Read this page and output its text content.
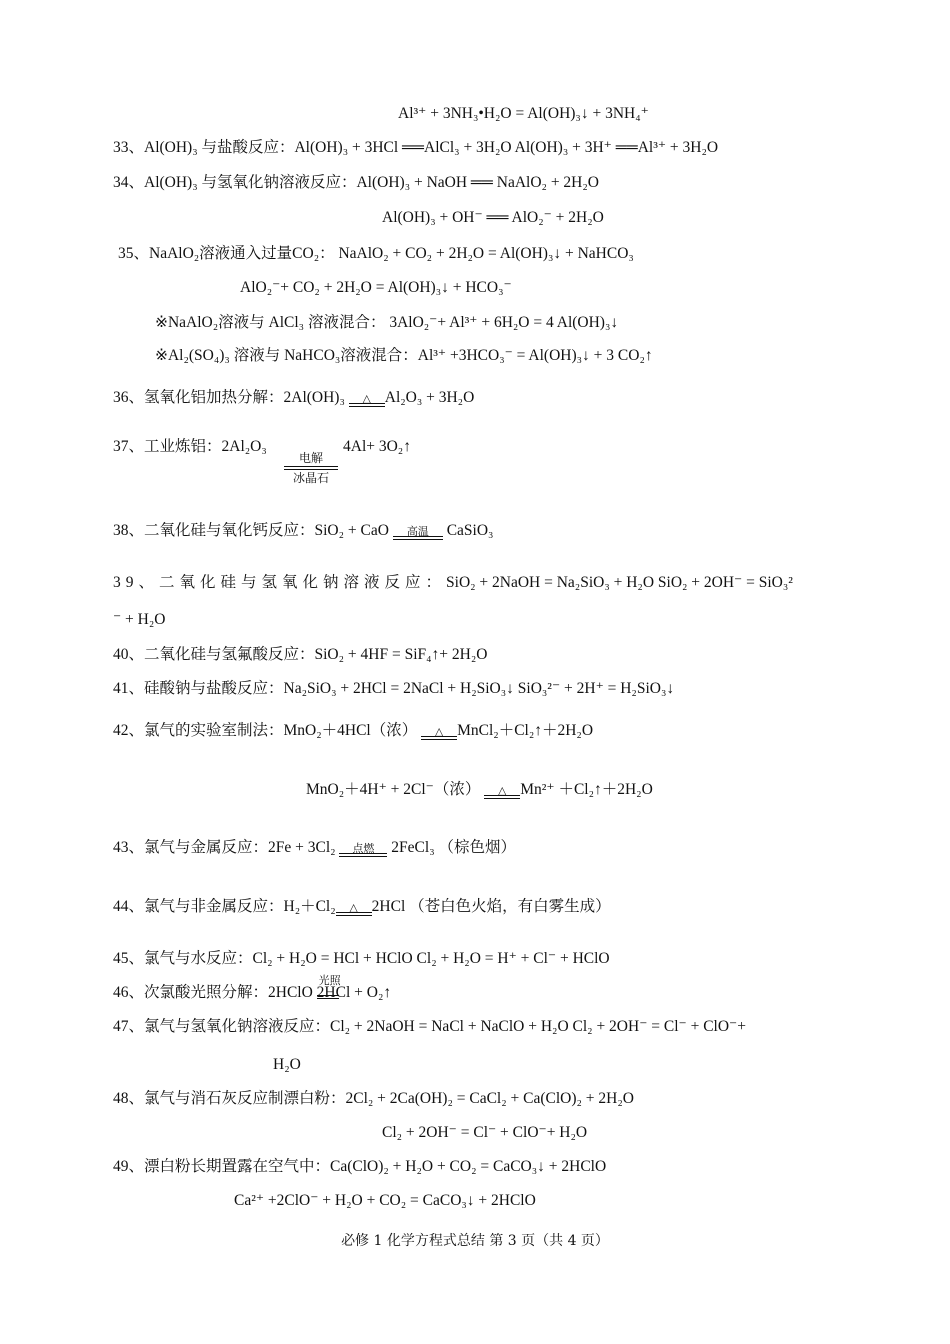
Al³⁺ + 3NH₃•H₂O = Al(OH)₃↓ + 3NH₄⁺
33、Al(OH)₃ 与盐酸反应：Al(OH)₃ + 3HCl ══AlCl₃ + 3H₂O Al(OH)₃ + 3H⁺ ══Al³⁺ + 3H₂O
34、Al(OH)₃ 与氢氧化钠溶液反应：Al(OH)₃ + NaOH ══ NaAlO₂ + 2H₂O
Al(OH)₃ + OH⁻ ══ AlO₂⁻ + 2H₂O
35、NaAlO₂溶液通入过量CO₂： NaAlO₂ + CO₂ + 2H₂O = Al(OH)₃↓ + NaHCO₃
AlO₂⁻+ CO₂ + 2H₂O = Al(OH)₃↓ + HCO₃⁻
※NaAlO₂溶液与 AlCl₃ 溶液混合： 3AlO₂⁻+ Al³⁺ + 6H₂O = 4 Al(OH)₃↓
※Al₂(SO₄)₃ 溶液与 NaHCO₃溶液混合：Al³⁺ +3HCO₃⁻ = Al(OH)₃↓ + 3 CO₂↑
36、氢氧化铝加热分解：2Al(OH)₃	△ Al₂O₃ + 3H₂O
37、工业炼铝：2Al₂O₃	4Al+ 3O₂↑
电解
冰晶石
38、二氧化硅与氧化钙反应：SiO₂ + CaO	高温	CaSiO₃
39、二氧化硅与氢氧化钠溶液反应：SiO₂ + 2NaOH = Na₂SiO₃ + H₂O SiO₂ + 2OH⁻ = SiO₃²
⁻ + H₂O
40、二氧化硅与氢氟酸反应：SiO₂ + 4HF = SiF₄↑+ 2H₂O
41、硅酸钠与盐酸反应：Na₂SiO₃ + 2HCl = 2NaCl + H₂SiO₃↓ SiO₃²⁻ + 2H⁺ = H₂SiO₃↓
42、氯气的实验室制法：MnO₂＋4HCl（浓）	△ MnCl₂＋Cl₂↑＋2H₂O
MnO₂＋4H⁺ + 2Cl⁻（浓）	△ Mn²⁺ ＋Cl₂↑＋2H₂O
43、氯气与金属反应：2Fe + 3Cl₂	点燃	2FeCl₃ （棕色烟）
44、氯气与非金属反应：H₂＋Cl₂	△ 2HCl （苍白色火焰，有白雾生成）
45、氯气与水反应：Cl₂ + H₂O = HCl + HClO Cl₂ + H₂O = H⁺ + Cl⁻ + HClO
46、次氯酸光照分解：2HClO
光照
2HCl + O₂↑
47、氯气与氢氧化钠溶液反应：Cl₂ + 2NaOH = NaCl + NaClO + H₂O Cl₂ + 2OH⁻ = Cl⁻ + ClO⁻+
H₂O
48、氯气与消石灰反应制漂白粉：2Cl₂ + 2Ca(OH)₂ = CaCl₂ + Ca(ClO)₂ + 2H₂O
Cl₂ + 2OH⁻ = Cl⁻ + ClO⁻+ H₂O
49、漂白粉长期置露在空气中：Ca(ClO)₂ + H₂O + CO₂ = CaCO₃↓ + 2HClO
Ca²⁺ +2ClO⁻ + H₂O + CO₂ = CaCO₃↓ + 2HClO
必修 1 化学方程式总结 第 3 页（共 4 页）
